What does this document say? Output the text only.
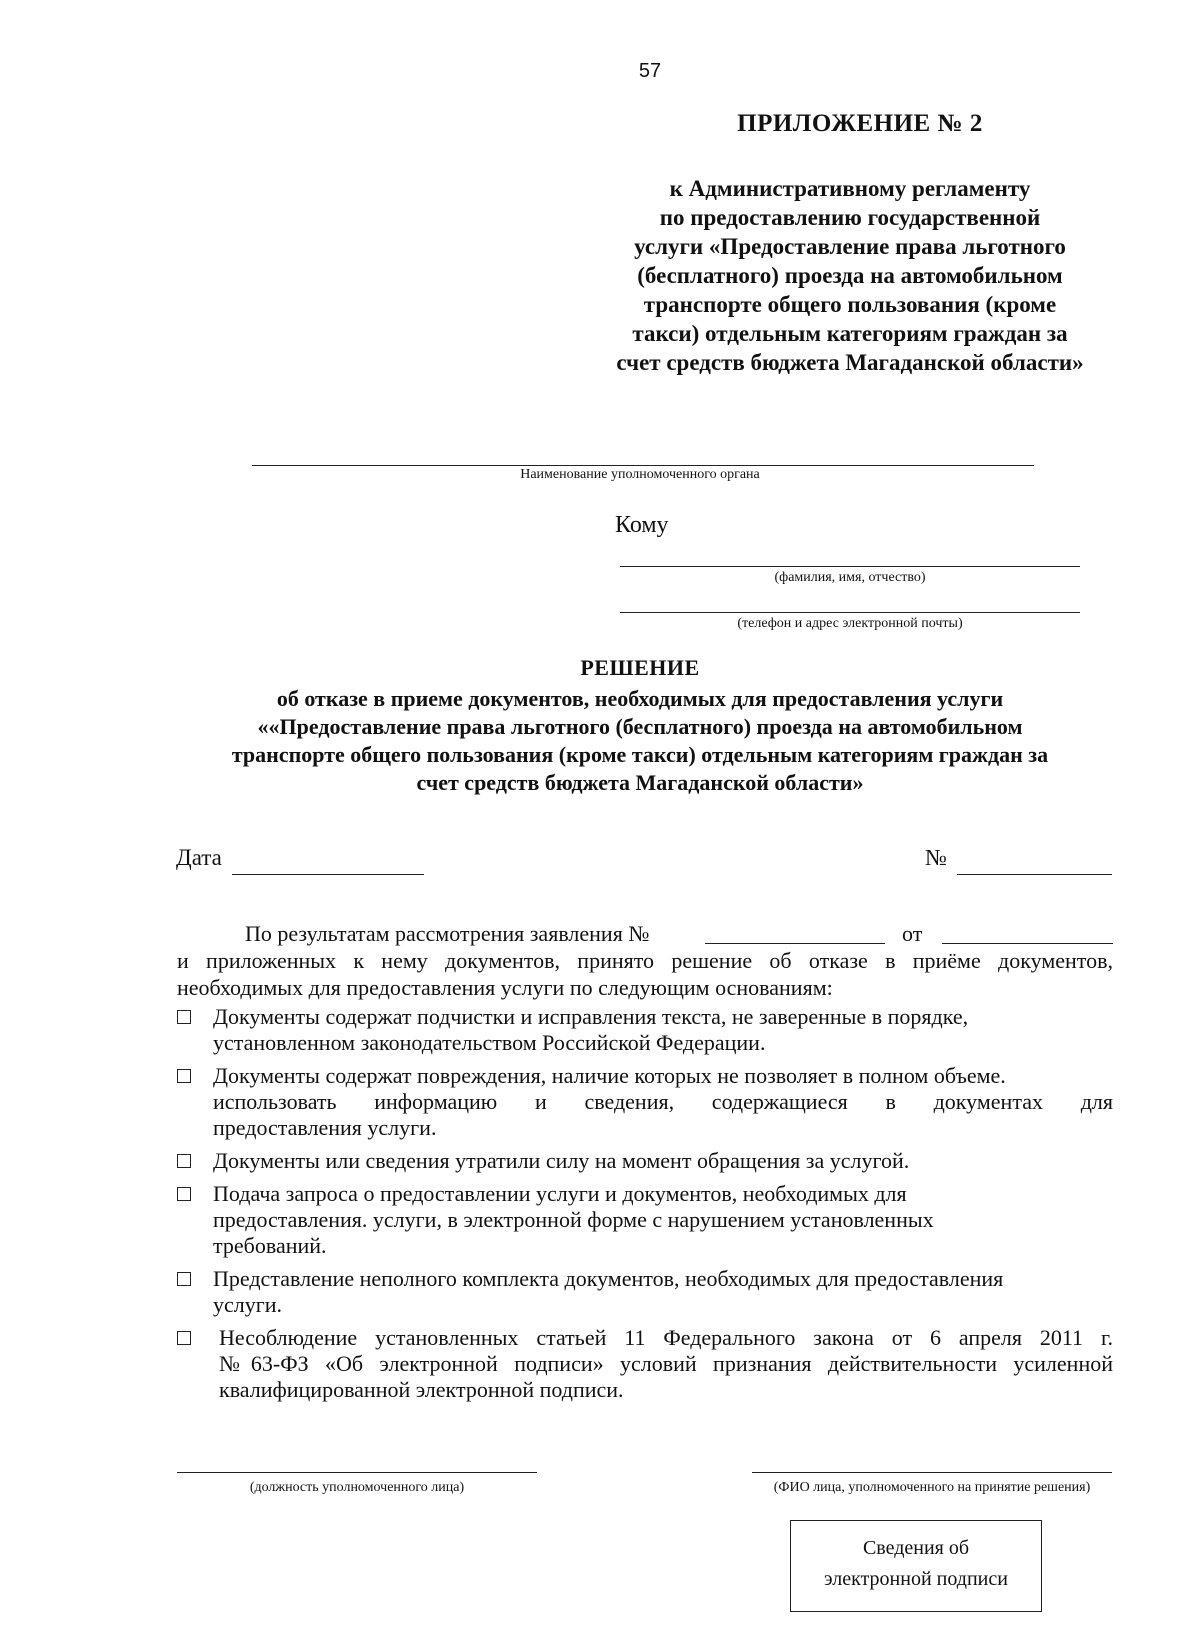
57
ПРИЛОЖЕНИЕ № 2
к Административному регламенту
по предоставлению государственной
услуги «Предоставление права льготного
(бесплатного) проезда на автомобильном
транспорте общего пользования (кроме
такси) отдельным категориям граждан за
счет средств бюджета Магаданской области»
Наименование уполномоченного органа
Кому
(фамилия, имя, отчество)
(телефон и адрес электронной почты)
РЕШЕНИЕ
об отказе в приеме документов, необходимых для предоставления услуги
««Предоставление права льготного (бесплатного) проезда на автомобильном
транспорте общего пользования (кроме такси) отдельным категориям граждан за
счет средств бюджета Магаданской области»
Дата	№
По результатам рассмотрения заявления №	от
и приложенных к нему документов, принято решение об отказе в приёме документов,
необходимых для предоставления услуги по следующим основаниям:
Документы содержат подчистки и исправления текста, не заверенные в порядке,
установленном законодательством Российской Федерации.
Документы содержат повреждения, наличие которых не позволяет в полном объеме.
использовать информацию и сведения, содержащиеся в документах для
предоставления услуги.
Документы или сведения утратили силу на момент обращения за услугой.
Подача запроса о предоставлении услуги и документов, необходимых для
предоставления. услуги, в электронной форме с нарушением установленных
требований.
Представление неполного комплекта документов, необходимых для предоставления
услуги.
Несоблюдение установленных статьей 11 Федерального закона от 6 апреля 2011 г.
№63-ФЗ «Об электронной подписи» условий признания действительности усиленной
квалифицированной электронной подписи.
(должность уполномоченного лица)	(ФИО лица, уполномоченного на принятие решения)
Сведения об
электронной подписи
